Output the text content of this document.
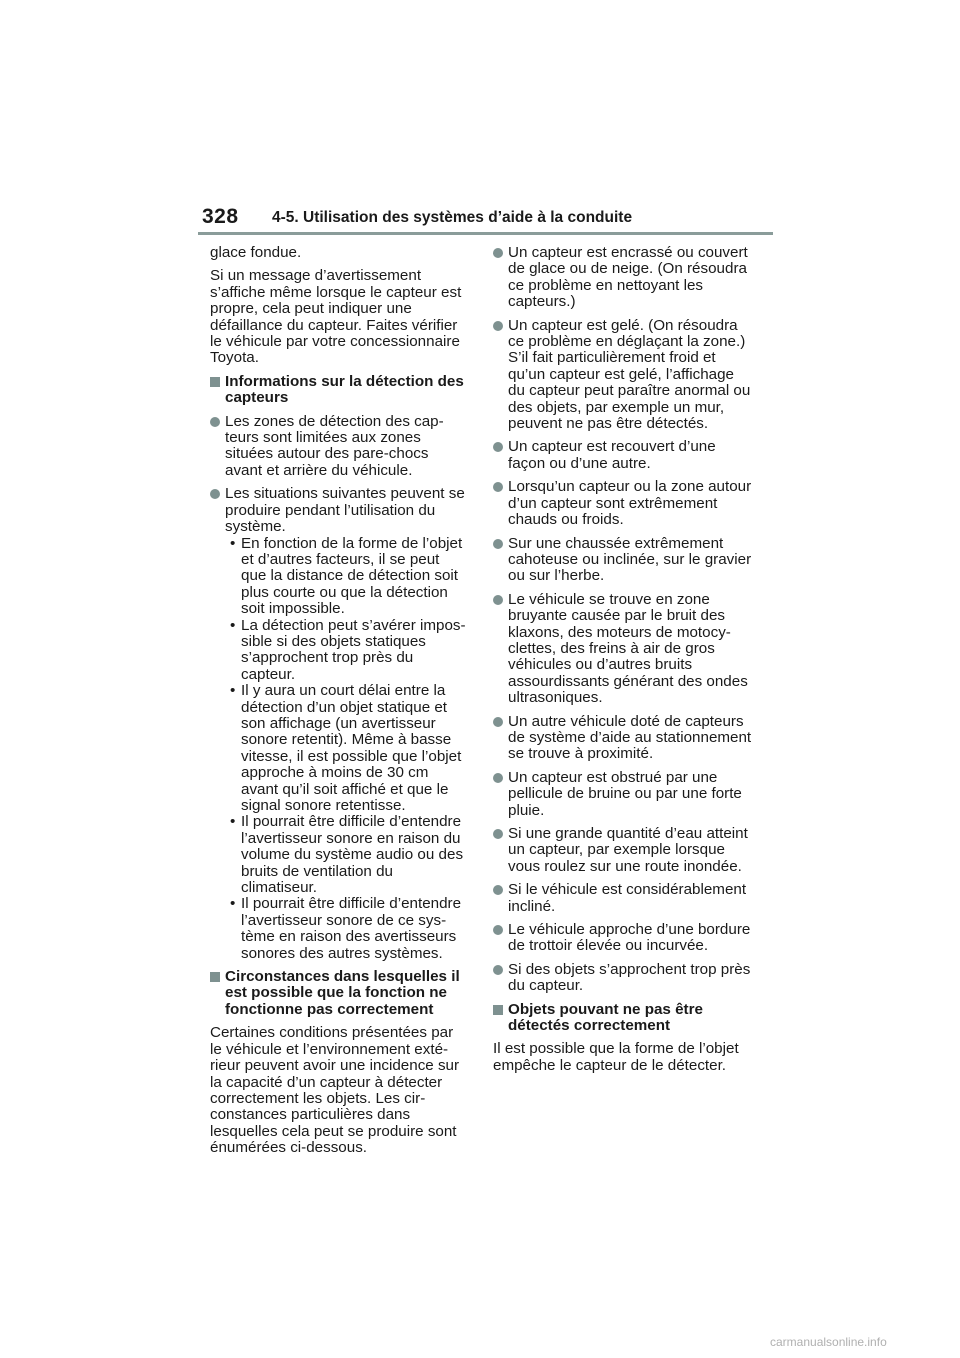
328 4-5. Utilisation des systèmes d’aide à la conduite

glace fondue.

Si un message d’avertissement s’affiche même lorsque le capteur est propre, cela peut indiquer une défaillance du capteur. Faites vérifier le véhicule par votre concessionnaire Toyota.

Informations sur la détection des capteurs
Les zones de détection des capteurs sont limitées aux zones situées autour des pare-chocs avant et arrière du véhicule.
Les situations suivantes peuvent se produire pendant l’utilisation du système.
• En fonction de la forme de l’objet et d’autres facteurs, il se peut que la distance de détection soit plus courte ou que la détection soit impossible.
• La détection peut s’avérer impossible si des objets statiques s’approchent trop près du capteur.
• Il y aura un court délai entre la détection d’un objet statique et son affichage (un avertisseur sonore retentit). Même à basse vitesse, il est possible que l’objet approche à moins de 30 cm avant qu’il soit affiché et que le signal sonore retentisse.
• Il pourrait être difficile d’entendre l’avertisseur sonore en raison du volume du système audio ou des bruits de ventilation du climatiseur.
• Il pourrait être difficile d’entendre l’avertisseur sonore de ce système en raison des avertisseurs sonores des autres systèmes.
Circonstances dans lesquelles il est possible que la fonction ne fonctionne pas correctement

Certaines conditions présentées par le véhicule et l’environnement extérieur peuvent avoir une incidence sur la capacité d’un capteur à détecter correctement les objets. Les circonstances particulières dans lesquelles cela peut se produire sont énumérées ci-dessous.

Un capteur est encrassé ou couvert de glace ou de neige. (On résoudra ce problème en nettoyant les capteurs.)
Un capteur est gelé. (On résoudra ce problème en déglaçant la zone.)
S’il fait particulièrement froid et qu’un capteur est gelé, l’affichage du capteur peut paraître anormal ou des objets, par exemple un mur, peuvent ne pas être détectés.
Un capteur est recouvert d’une façon ou d’une autre.
Lorsqu’un capteur ou la zone autour d’un capteur sont extrêmement chauds ou froids.
Sur une chaussée extrêmement cahoteuse ou inclinée, sur le gravier ou sur l’herbe.
Le véhicule se trouve en zone bruyante causée par le bruit des klaxons, des moteurs de motocyclettes, des freins à air de gros véhicules ou d’autres bruits assourdissants générant des ondes ultrasoniques.
Un autre véhicule doté de capteurs de système d’aide au stationnement se trouve à proximité.
Un capteur est obstrué par une pellicule de bruine ou par une forte pluie.
Si une grande quantité d’eau atteint un capteur, par exemple lorsque vous roulez sur une route inondée.
Si le véhicule est considérablement incliné.
Le véhicule approche d’une bordure de trottoir élevée ou incurvée.
Si des objets s’approchent trop près du capteur.
Objets pouvant ne pas être détectés correctement

Il est possible que la forme de l’objet empêche le capteur de le détecter.

carmanualsonline.info
